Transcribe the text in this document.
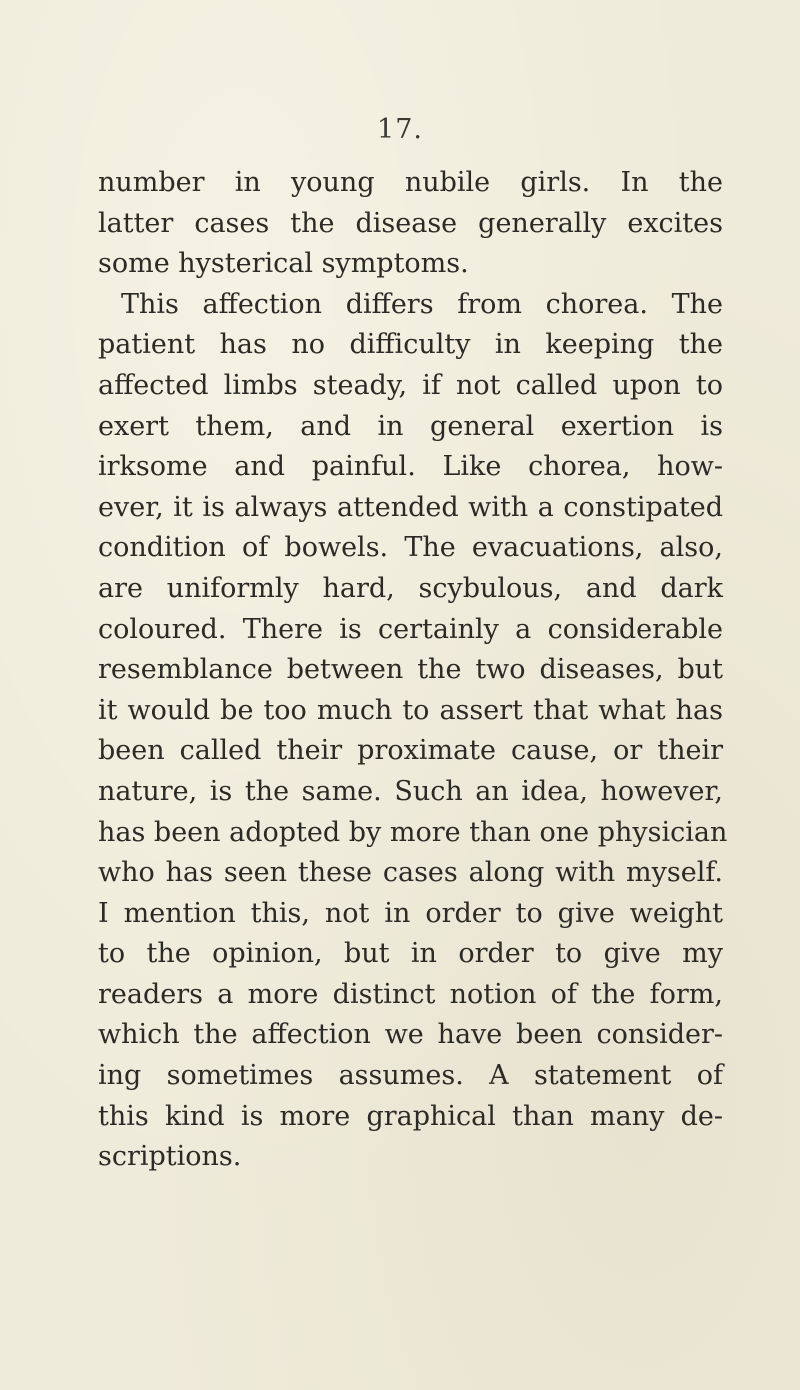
17.
number in young nubile girls. In the
latter cases the disease generally excites
some hysterical symptoms.
This affection differs from chorea. The
patient has no difficulty in keeping the
affected limbs steady, if not called upon to
exert them, and in general exertion is
irksome and painful. Like chorea, how-
ever, it is always attended with a constipated
condition of bowels. The evacuations, also,
are uniformly hard, scybulous, and dark
coloured. There is certainly a considerable
resemblance between the two diseases, but
it would be too much to assert that what has
been called their proximate cause, or their
nature, is the same. Such an idea, however,
has been adopted by more than one physician
who has seen these cases along with myself.
I mention this, not in order to give weight
to the opinion, but in order to give my
readers a more distinct notion of the form,
which the affection we have been consider-
ing sometimes assumes. A statement of
this kind is more graphical than many de-
scriptions.
